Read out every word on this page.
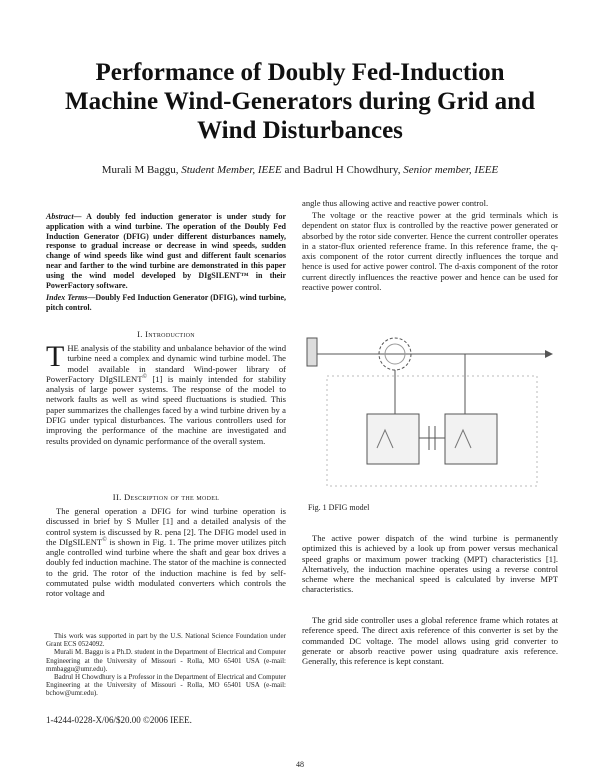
Performance of Doubly Fed-Induction
Machine Wind-Generators during Grid and
Wind Disturbances
Murali M Baggu, Student Member, IEEE and Badrul H Chowdhury, Senior member, IEEE
Abstract— A doubly fed induction generator is under study for application with a wind turbine. The operation of the Doubly Fed Induction Generator (DFIG) under different disturbances namely, response to gradual increase or decrease in wind speeds, sudden change of wind speeds like wind gust and different fault scenarios near and farther to the wind turbine are demonstrated in this paper using the wind model developed by DIgSILENT™ in their PowerFactory software.
Index Terms—Doubly Fed Induction Generator (DFIG), wind turbine, pitch control.
I. Introduction
THE analysis of the stability and unbalance behavior of the wind turbine need a complex and dynamic wind turbine model. The model available in standard Wind-power library of PowerFactory DIgSILENT© [1] is mainly intended for stability analysis of large power systems. The response of the model to network faults as well as wind speed fluctuations is studied. This paper summarizes the challenges faced by a wind turbine driven by a DFIG under typical disturbances. The various controllers used for improving the performance of the machine are investigated and results provided on dynamic performance of the overall system.
II. Description of the model

The general operation a DFIG for wind turbine operation is discussed in brief by S Muller [1] and a detailed analysis of the control system is discussed by R. pena [2]. The DFIG model used in the DIgSILENT© is shown in Fig. 1. The prime mover utilizes pitch angle controlled wind turbine where the shaft and gear box drives a doubly fed induction machine. The stator of the machine is connected to the grid. The rotor of the induction machine is fed by self-commutated pulse width modulated converters which controls the rotor voltage and

This work was supported in part by the U.S. National Science Foundation under Grant ECS 0524092.

Murali M. Baggu is a Ph.D. student in the Department of Electrical and Computer Engineering at the University of Missouri - Rolla, MO 65401 USA (e-mail: mmbaggu@umr.edu).

Badrul H Chowdhury is a Professor in the Department of Electrical and Computer Engineering at the University of Missouri - Rolla, MO 65401 USA (e-mail: bchow@umr.edu).

1-4244-0228-X/06/$20.00 ©2006 IEEE.
48
angle thus allowing active and reactive power control.

The voltage or the reactive power at the grid terminals which is dependent on stator flux is controlled by the reactive power generated or absorbed by the rotor side converter. Hence the current controller operates in a stator-flux oriented reference frame. In this reference frame, the q-axis component of the rotor current directly influences the torque and hence is used for active power control. The d-axis component of the rotor current directly influences the reactive power and hence can be used for reactive power control.

Fig. 1 DFIG model

The active power dispatch of the wind turbine is permanently optimized this is achieved by a look up from power versus mechanical speed graphs or maximum power tracking (MPT) characteristics [1]. Alternatively, the induction machine operates using a reverse control scheme where the mechanical speed is calculated by inverse MPT characteristics.

The grid side controller uses a global reference frame which rotates at reference speed. The direct axis reference of this converter is set by the commanded DC voltage. The model allows using grid converter to generate or absorb reactive power using quadrature axis reference. Generally, this reference is kept constant.
